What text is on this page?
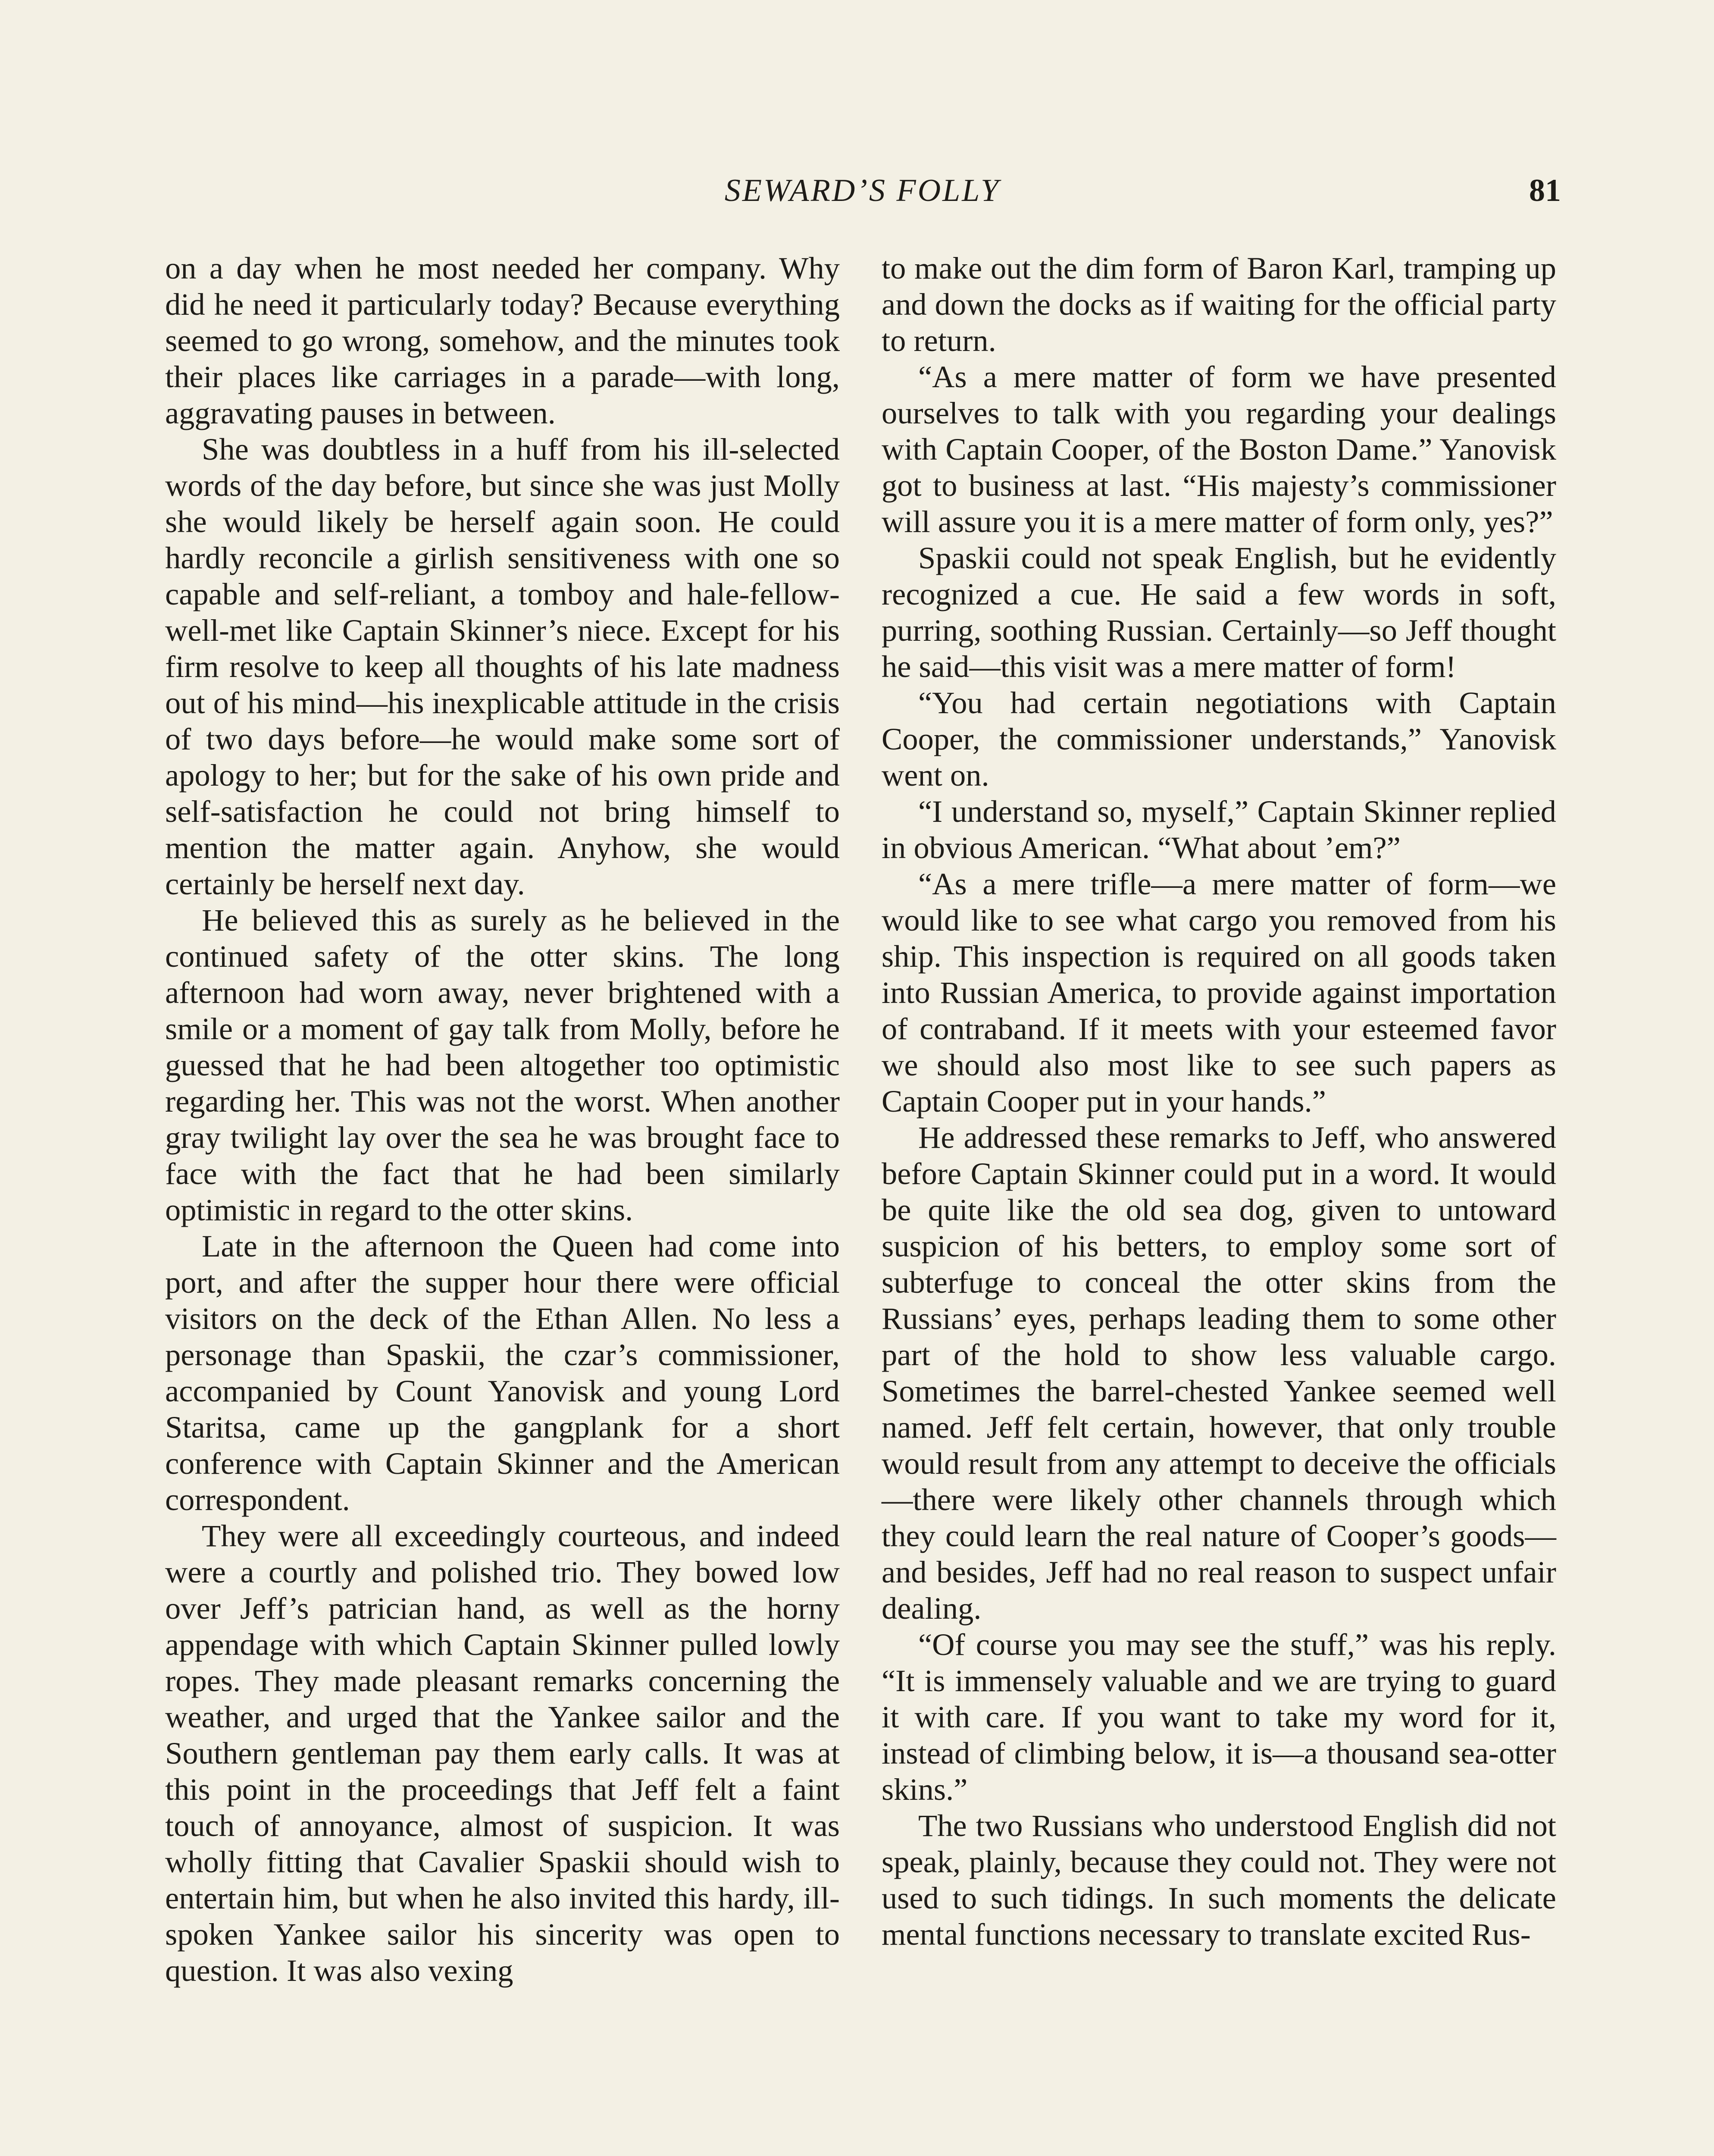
SEWARD’S FOLLY	81

on a day when he most needed her company. Why did he need it particularly today? Because everything seemed to go wrong, somehow, and the minutes took their places like carriages in a parade—with long, aggravating pauses in between.

She was doubtless in a huff from his ill-selected words of the day before, but since she was just Molly she would likely be herself again soon. He could hardly reconcile a girlish sensitiveness with one so capable and self-reliant, a tomboy and hale-fellow-well-met like Captain Skinner’s niece. Except for his firm resolve to keep all thoughts of his late madness out of his mind—his inexplicable attitude in the crisis of two days before—he would make some sort of apology to her; but for the sake of his own pride and self-satisfaction he could not bring himself to mention the matter again. Anyhow, she would certainly be herself next day.

He believed this as surely as he believed in the continued safety of the otter skins. The long afternoon had worn away, never brightened with a smile or a moment of gay talk from Molly, before he guessed that he had been altogether too optimistic regarding her. This was not the worst. When another gray twilight lay over the sea he was brought face to face with the fact that he had been similarly optimistic in regard to the otter skins.

Late in the afternoon the Queen had come into port, and after the supper hour there were official visitors on the deck of the Ethan Allen. No less a personage than Spaskii, the czar’s commissioner, accompanied by Count Yanovisk and young Lord Staritsa, came up the gangplank for a short conference with Captain Skinner and the American correspondent.

They were all exceedingly courteous, and indeed were a courtly and polished trio. They bowed low over Jeff’s patrician hand, as well as the horny appendage with which Captain Skinner pulled lowly ropes. They made pleasant remarks concerning the weather, and urged that the Yankee sailor and the Southern gentleman pay them early calls. It was at this point in the proceedings that Jeff felt a faint touch of annoyance, almost of suspicion. It was wholly fitting that Cavalier Spaskii should wish to entertain him, but when he also invited this hardy, ill-spoken Yankee sailor his sincerity was open to question. It was also vexing

to make out the dim form of Baron Karl, tramping up and down the docks as if waiting for the official party to return.

“As a mere matter of form we have presented ourselves to talk with you regarding your dealings with Captain Cooper, of the Boston Dame.” Yanovisk got to business at last. “His majesty’s commissioner will assure you it is a mere matter of form only, yes?”

Spaskii could not speak English, but he evidently recognized a cue. He said a few words in soft, purring, soothing Russian. Certainly—so Jeff thought he said—this visit was a mere matter of form!

“You had certain negotiations with Captain Cooper, the commissioner understands,” Yanovisk went on.

“I understand so, myself,” Captain Skinner replied in obvious American. “What about ’em?”

“As a mere trifle—a mere matter of form—we would like to see what cargo you removed from his ship. This inspection is required on all goods taken into Russian America, to provide against importation of contraband. If it meets with your esteemed favor we should also most like to see such papers as Captain Cooper put in your hands.”

He addressed these remarks to Jeff, who answered before Captain Skinner could put in a word. It would be quite like the old sea dog, given to untoward suspicion of his betters, to employ some sort of subterfuge to conceal the otter skins from the Russians’ eyes, perhaps leading them to some other part of the hold to show less valuable cargo. Sometimes the barrel-chested Yankee seemed well named. Jeff felt certain, however, that only trouble would result from any attempt to deceive the officials—there were likely other channels through which they could learn the real nature of Cooper’s goods—and besides, Jeff had no real reason to suspect unfair dealing.

“Of course you may see the stuff,” was his reply. “It is immensely valuable and we are trying to guard it with care. If you want to take my word for it, instead of climbing below, it is—a thousand sea-otter skins.”

The two Russians who understood English did not speak, plainly, because they could not. They were not used to such tidings. In such moments the delicate mental functions necessary to translate excited Rus-
